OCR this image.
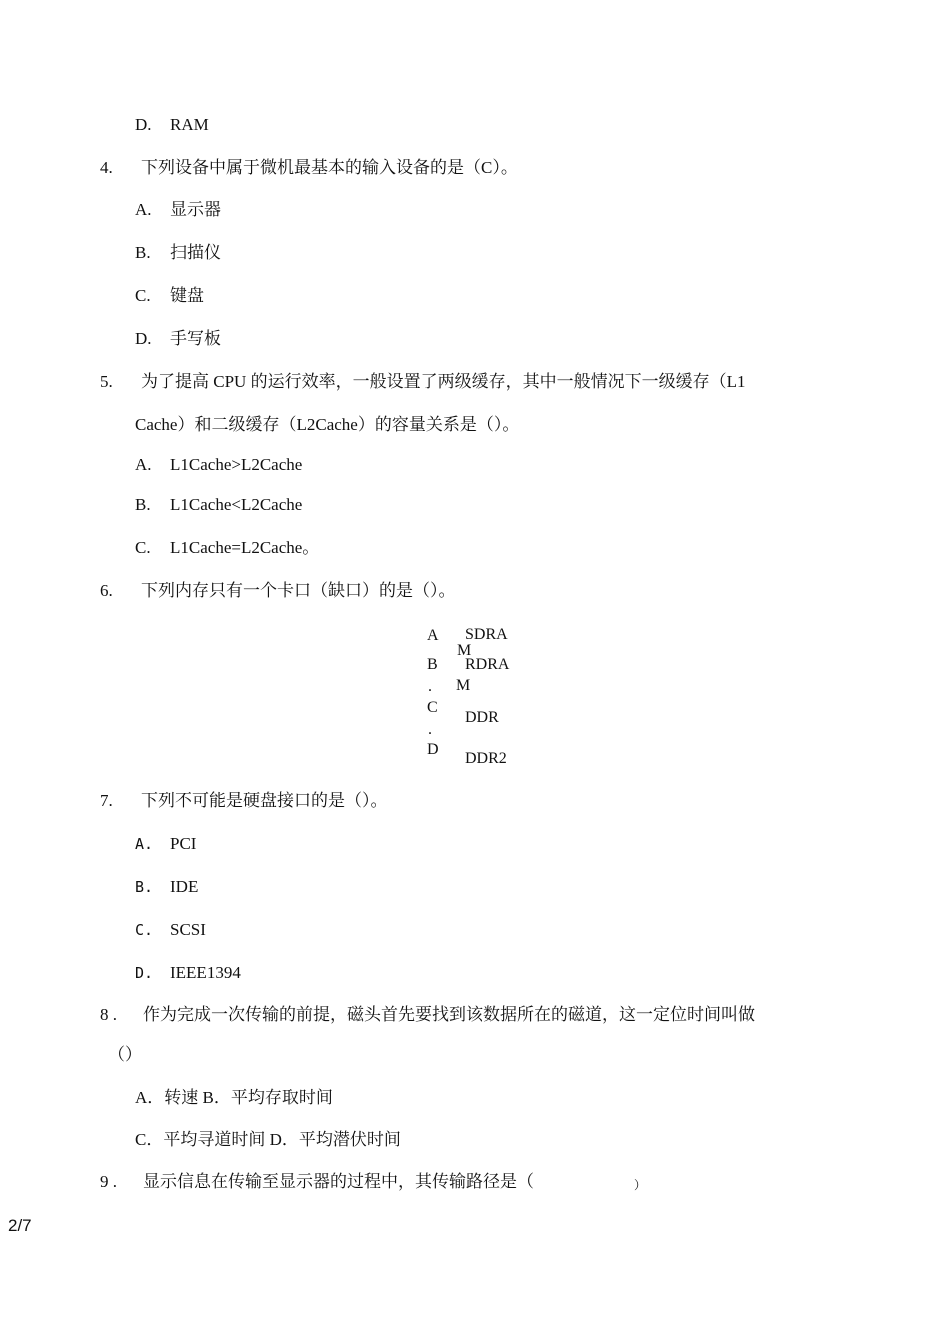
D. RAM
4. 下列设备中属于微机最基本的输入设备的是（C）。
A. 显示器
B. 扫描仪
C. 键盘
D. 手写板
5. 为了提高 CPU 的运行效率，一般设置了两级缓存，其中一般情况下一级缓存（L1
Cache）和二级缓存（L2Cache）的容量关系是（）。
A. L1Cache>L2Cache
B. L1Cache<L2Cache
C. L1Cache=L2Cache。
6. 下列内存只有一个卡口（缺口）的是（）。
A
B
.
C
.
D
SDRA
M
RDRA
M
DDR
DDR2
7. 下列不可能是硬盘接口的是（）。
A. PCI
B. IDE
C. SCSI
D. IEEE1394
8 . 作为完成一次传输的前提，磁头首先要找到该数据所在的磁道，这一定位时间叫做
（）
A．转速 B．平均存取时间
C．平均寻道时间 D．平均潜伏时间
9 . 显示信息在传输至显示器的过程中，其传输路径是（	）
2/7
